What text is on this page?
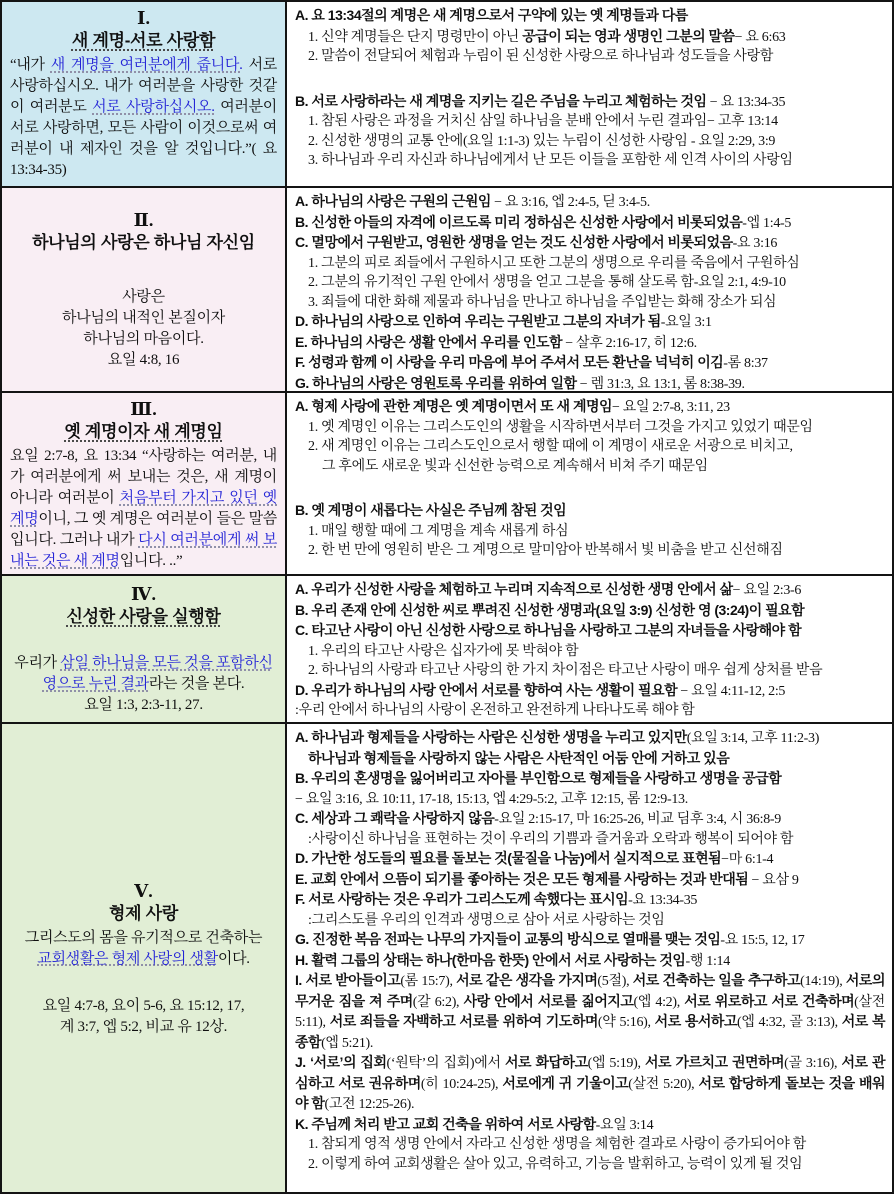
Ⅰ.
새 계명-서로 사랑함
“내가 새 계명을 여러분에게 줍니다. 서로 사랑하십시오. 내가 여러분을 사랑한 것같이 여러분도 서로 사랑하십시오. 여러분이 서로 사랑하면, 모든 사람이 이것으로써 여러분이 내 제자인 것을 알 것입니다.”( 요 13:34-35)
A. 요 13:34절의 계명은 새 계명으로서 구약에 있는 옛 계명들과 다름
1. 신약 계명들은 단지 명령만이 아닌 공급이 되는 영과 생명인 그분의 말씀− 요 6:63
2. 말씀이 전달되어 체험과 누림이 된 신성한 사랑으로 하나님과 성도들을 사랑함
B. 서로 사랑하라는 새 계명을 지키는 길은 주님을 누리고 체험하는 것임 − 요 13:34-35
1. 참된 사랑은 과정을 거치신 삼일 하나님을 분배 안에서 누린 결과임− 고후 13:14
2. 신성한 생명의 교통 안에(요일 1:1-3) 있는 누림이 신성한 사랑임 - 요일 2:29, 3:9
3. 하나님과 우리 자신과 하나님에게서 난 모든 이들을 포함한 세 인격 사이의 사랑임
Ⅱ.
하나님의 사랑은 하나님 자신임
사랑은
하나님의 내적인 본질이자
하나님의 마음이다.
요일 4:8, 16
A. 하나님의 사랑은 구원의 근원임 − 요 3:16, 엡 2:4-5, 딛 3:4-5.
B. 신성한 아들의 자격에 이르도록 미리 정하심은 신성한 사랑에서 비롯되었음-엡 1:4-5
C. 멸망에서 구원받고, 영원한 생명을 얻는 것도 신성한 사랑에서 비롯되었음-요 3:16
1. 그분의 피로 죄들에서 구원하시고 또한 그분의 생명으로 우리를 죽음에서 구원하심
2. 그분의 유기적인 구원 안에서 생명을 얻고 그분을 통해 살도록 함-요일 2:1, 4:9-10
3. 죄들에 대한 화해 제물과 하나님을 만나고 하나님을 주입받는 화해 장소가 되심
D. 하나님의 사랑으로 인하여 우리는 구원받고 그분의 자녀가 됨-요일 3:1
E. 하나님의 사랑은 생활 안에서 우리를 인도함 − 살후 2:16-17, 히 12:6.
F. 성령과 함께 이 사랑을 우리 마음에 부어 주셔서 모든 환난을 넉넉히 이김-롬 8:37
G. 하나님의 사랑은 영원토록 우리를 위하여 일함 − 렘 31:3, 요 13:1, 롬 8:38-39.
Ⅲ.
옛 계명이자 새 계명임
요일 2:7-8, 요 13:34 “사랑하는 여러분, 내가 여러분에게 써 보내는 것은, 새 계명이 아니라 여러분이 처음부터 가지고 있던 옛 계명이니, 그 옛 계명은 여러분이 들은 말씀입니다. 그러나 내가 다시 여러분에게 써 보내는 것은 새 계명입니다. ..”
A. 형제 사랑에 관한 계명은 옛 계명이면서 또 새 계명임− 요일 2:7-8, 3:11, 23
1. 옛 계명인 이유는 그리스도인의 생활을 시작하면서부터 그것을 가지고 있었기 때문임
2. 새 계명인 이유는 그리스도인으로서 행할 때에 이 계명이 새로운 서광으로 비치고,
그 후에도 새로운 빛과 신선한 능력으로 계속해서 비쳐 주기 때문임
B. 옛 계명이 새롭다는 사실은 주님께 참된 것임
1. 매일 행할 때에 그 계명을 계속 새롭게 하심
2. 한 번 만에 영원히 받은 그 계명으로 말미암아 반복해서 빛 비춤을 받고 신선해짐
Ⅳ.
신성한 사랑을 실행함
우리가 삼일 하나님을 모든 것을 포함하신 영으로 누린 결과라는 것을 본다.
요일 1:3, 2:3-11, 27.
A. 우리가 신성한 사랑을 체험하고 누리며 지속적으로 신성한 생명 안에서 삶− 요일 2:3-6
B. 우리 존재 안에 신성한 씨로 뿌려진 신성한 생명과(요일 3:9) 신성한 영 (3:24)이 필요함
C. 타고난 사랑이 아닌 신성한 사랑으로 하나님을 사랑하고 그분의 자녀들을 사랑해야 함
1. 우리의 타고난 사랑은 십자가에 못 박혀야 함
2. 하나님의 사랑과 타고난 사랑의 한 가지 차이점은 타고난 사랑이 매우 쉽게 상처를 받음
D. 우리가 하나님의 사랑 안에서 서로를 향하여 사는 생활이 필요함 − 요일 4:11-12, 2:5
:우리 안에서 하나님의 사랑이 온전하고 완전하게 나타나도록 해야 함
Ⅴ.
형제 사랑
그리스도의 몸을 유기적으로 건축하는
교회생활은 형제 사랑의 생활이다.
요일 4:7-8, 요이 5-6, 요 15:12, 17,
계 3:7, 엡 5:2, 비교 유 12상.
A. 하나님과 형제들을 사랑하는 사람은 신성한 생명을 누리고 있지만(요일 3:14, 고후 11:2-3)
하나님과 형제들을 사랑하지 않는 사람은 사탄적인 어둠 안에 거하고 있음
B. 우리의 혼생명을 잃어버리고 자아를 부인함으로 형제들을 사랑하고 생명을 공급함
− 요일 3:16, 요 10:11, 17-18, 15:13, 엡 4:29-5:2, 고후 12:15, 롬 12:9-13.
C. 세상과 그 쾌락을 사랑하지 않음-요일 2:15-17, 마 16:25-26, 비교 딤후 3:4, 시 36:8-9
:사랑이신 하나님을 표현하는 것이 우리의 기쁨과 즐거움과 오락과 행복이 되어야 함
D. 가난한 성도들의 필요를 돌보는 것(물질을 나눔)에서 실지적으로 표현됨−마 6:1-4
E. 교회 안에서 으뜸이 되기를 좋아하는 것은 모든 형제를 사랑하는 것과 반대됨 − 요삼 9
F. 서로 사랑하는 것은 우리가 그리스도께 속했다는 표시임-요 13:34-35
:그리스도를 우리의 인격과 생명으로 삼아 서로 사랑하는 것임
G. 진정한 복음 전파는 나무의 가지들이 교통의 방식으로 열매를 맺는 것임-요 15:5, 12, 17
H. 활력 그룹의 상태는 하나(한마음 한뜻) 안에서 서로 사랑하는 것임-행 1:14
I. 서로 받아들이고(롬 15:7), 서로 같은 생각을 가지며(5절), 서로 건축하는 일을 추구하고(14:19), 서로의 무거운 짐을 져 주며(갈 6:2), 사랑 안에서 서로를 짊어지고(엡 4:2), 서로 위로하고 서로 건축하며(살전 5:11), 서로 죄들을 자백하고 서로를 위하여 기도하며(약 5:16), 서로 용서하고(엡 4:32, 골 3:13), 서로 복종함(엡 5:21).
J. ‘서로’의 집회(‘원탁’의 집회)에서 서로 화답하고(엡 5:19), 서로 가르치고 권면하며(골 3:16), 서로 관심하고 서로 권유하며(히 10:24-25), 서로에게 귀 기울이고(살전 5:20), 서로 합당하게 돌보는 것을 배워야 함(고전 12:25-26).
K. 주님께 처리 받고 교회 건축을 위하여 서로 사랑함-요일 3:14
1. 참되게 영적 생명 안에서 자라고 신성한 생명을 체험한 결과로 사랑이 증가되어야 함
2. 이렇게 하여 교회생활은 살아 있고, 유력하고, 기능을 발휘하고, 능력이 있게 될 것임
